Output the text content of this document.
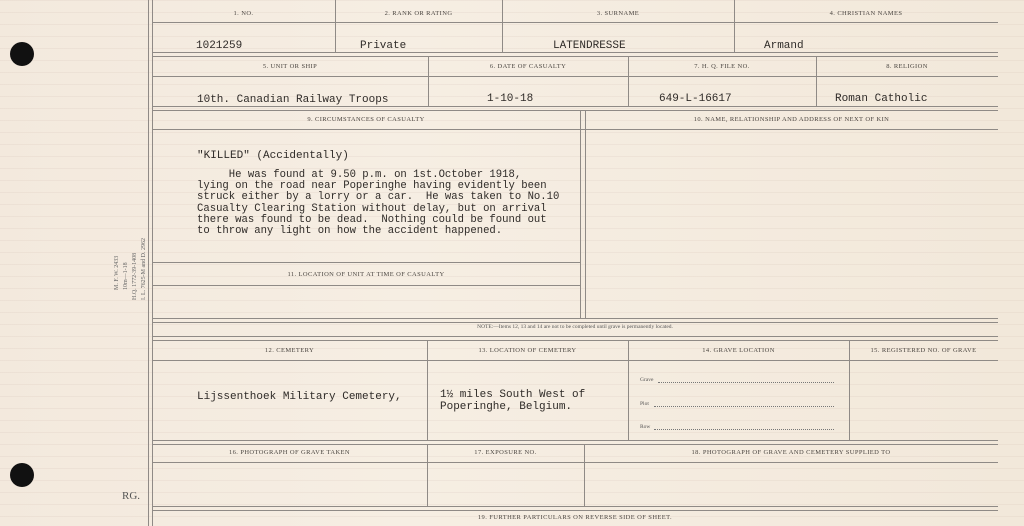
M. F. W. 2433 10m—1-18 H.Q. 1772-39-1408 I. L. 7625-M and D. 2962
1. NO.	2. RANK OR RATING	3. SURNAME	4. CHRISTIAN NAMES
1021259	Private	LATENDRESSE	Armand
5. UNIT OR SHIP	6. DATE OF CASUALTY	7. H. Q. FILE NO.	8. RELIGION
10th. Canadian Railway Troops	1-10-18	649-L-16617	Roman Catholic
9. CIRCUMSTANCES OF CASUALTY	10. NAME, RELATIONSHIP AND ADDRESS OF NEXT OF KIN
"KILLED" (Accidentally)
He was found at 9.50 p.m. on 1st.October 1918,
lying on the road near Poperinghe having evidently been
struck either by a lorry or a car.  He was taken to No.10
Casualty Clearing Station without delay, but on arrival
there was found to be dead.  Nothing could be found out
to throw any light on how the accident happened.
11. LOCATION OF UNIT AT TIME OF CASUALTY
NOTE:—Items 12, 13 and 14 are not to be completed until grave is permanently located.
12. CEMETERY	13. LOCATION OF CEMETERY	14. GRAVE LOCATION	15. REGISTERED NO. OF GRAVE
Lijssenthoek Military Cemetery,	1½ miles South West of
Poperinghe, Belgium.
Grave
Plot
Row
16. PHOTOGRAPH OF GRAVE TAKEN	17. EXPOSURE NO.	18. PHOTOGRAPH OF GRAVE AND CEMETERY SUPPLIED TO
19. FURTHER PARTICULARS ON REVERSE SIDE OF SHEET.
RG.
